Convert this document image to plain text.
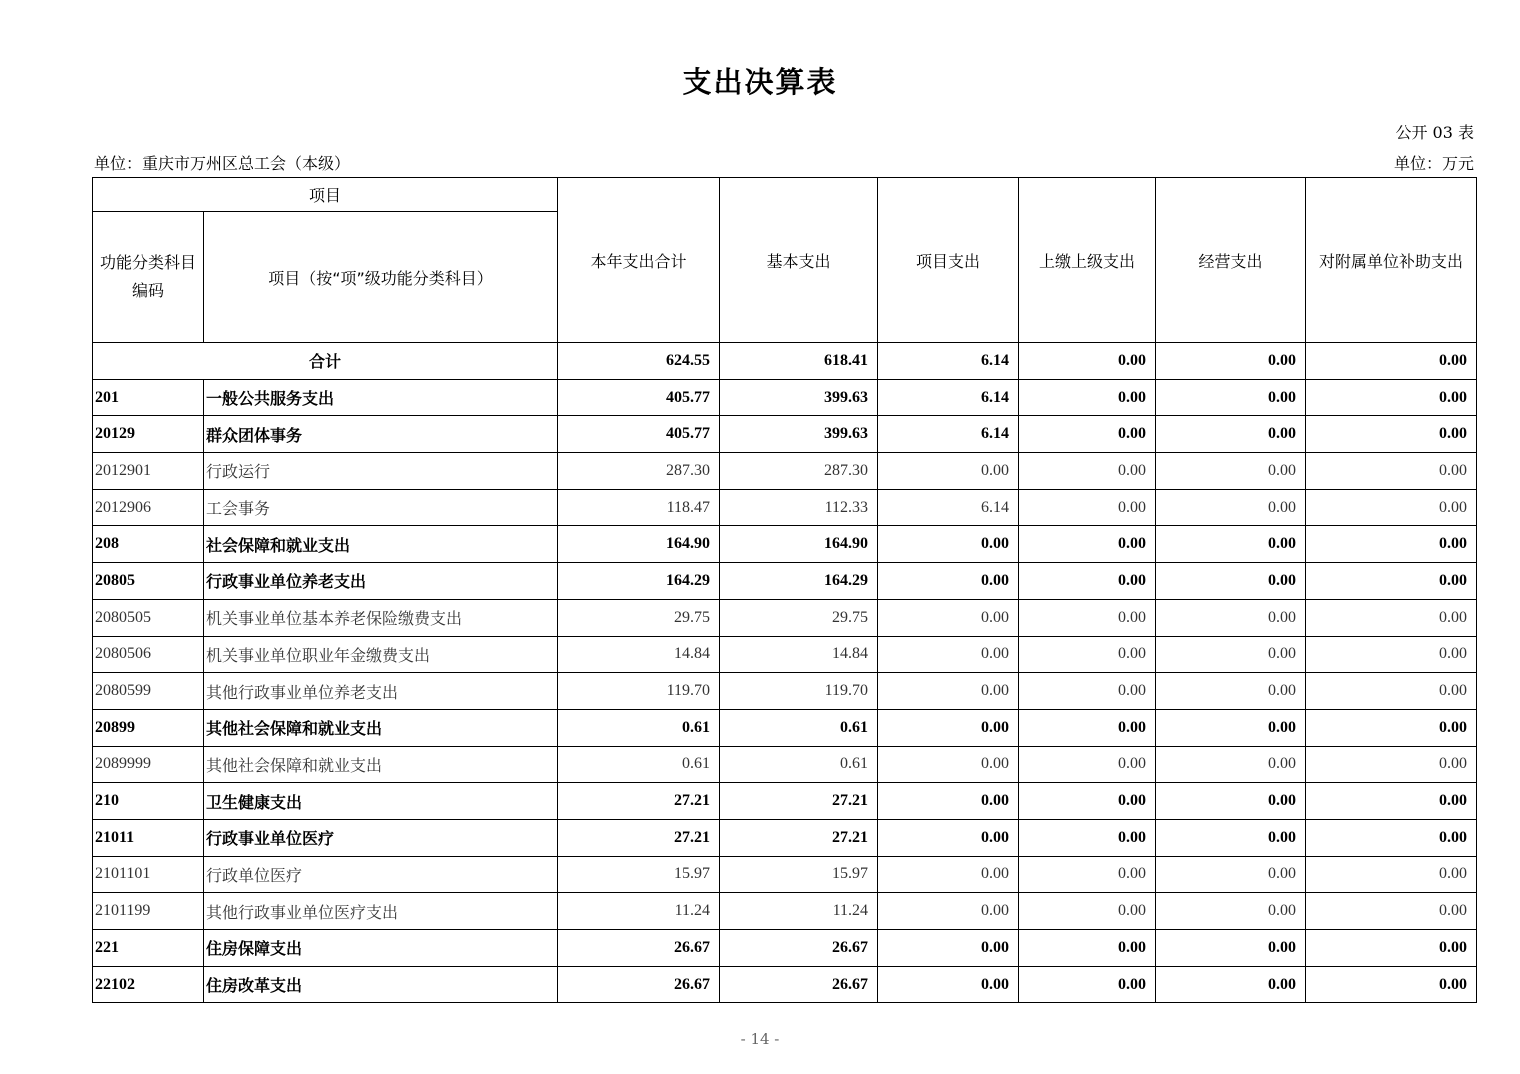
支出决算表
公开 03 表
单位：重庆市万州区总工会（本级）	单位：万元
项目		本年支出合计	基本支出	项目支出	上缴上级支出	经营支出	对附属单位补助支出
功能分类科目编码	项目（按“项”级功能分类科目）						
合计		624.55	618.41	6.14	0.00	0.00	0.00
201	一般公共服务支出	405.77	399.63	6.14	0.00	0.00	0.00
20129	群众团体事务	405.77	399.63	6.14	0.00	0.00	0.00
2012901	行政运行	287.30	287.30	0.00	0.00	0.00	0.00
2012906	工会事务	118.47	112.33	6.14	0.00	0.00	0.00
208	社会保障和就业支出	164.90	164.90	0.00	0.00	0.00	0.00
20805	行政事业单位养老支出	164.29	164.29	0.00	0.00	0.00	0.00
2080505	机关事业单位基本养老保险缴费支出	29.75	29.75	0.00	0.00	0.00	0.00
2080506	机关事业单位职业年金缴费支出	14.84	14.84	0.00	0.00	0.00	0.00
2080599	其他行政事业单位养老支出	119.70	119.70	0.00	0.00	0.00	0.00
20899	其他社会保障和就业支出	0.61	0.61	0.00	0.00	0.00	0.00
2089999	其他社会保障和就业支出	0.61	0.61	0.00	0.00	0.00	0.00
210	卫生健康支出	27.21	27.21	0.00	0.00	0.00	0.00
21011	行政事业单位医疗	27.21	27.21	0.00	0.00	0.00	0.00
2101101	行政单位医疗	15.97	15.97	0.00	0.00	0.00	0.00
2101199	其他行政事业单位医疗支出	11.24	11.24	0.00	0.00	0.00	0.00
221	住房保障支出	26.67	26.67	0.00	0.00	0.00	0.00
22102	住房改革支出	26.67	26.67	0.00	0.00	0.00	0.00
- 14 -
